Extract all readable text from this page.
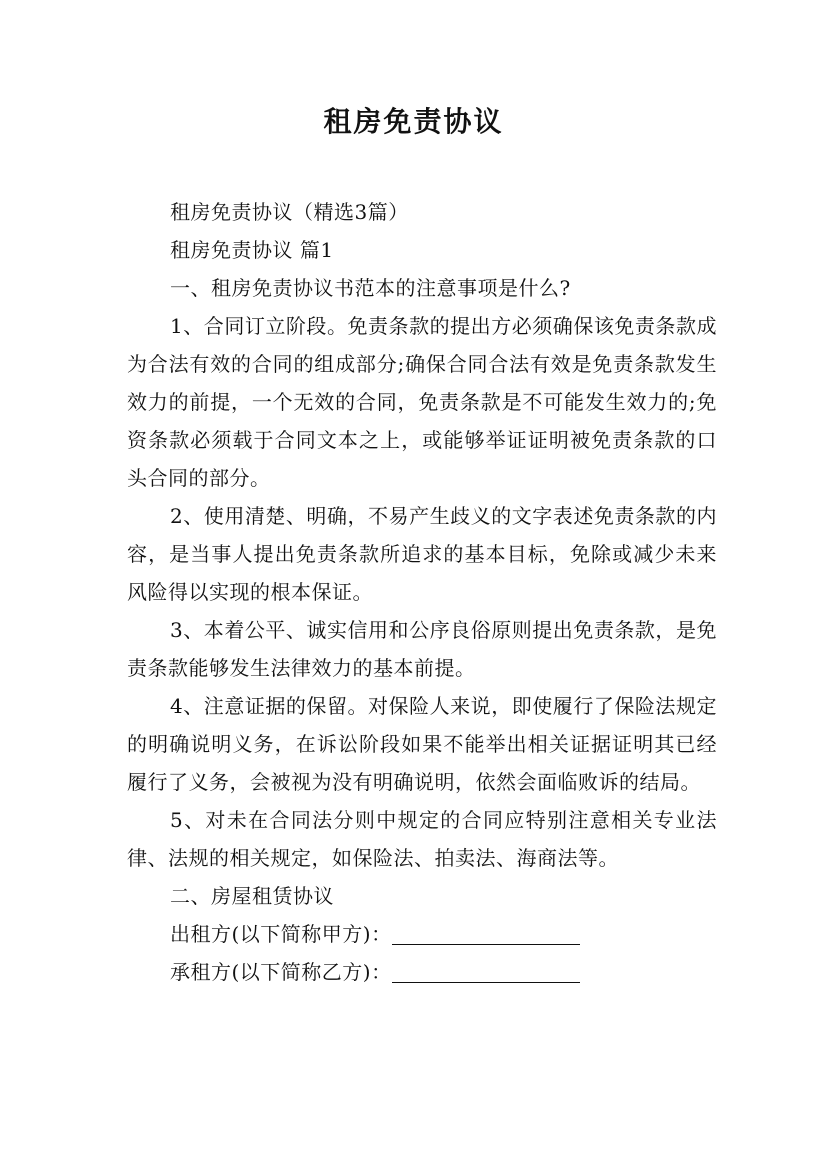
租房免责协议

租房免责协议（精选3篇）

租房免责协议 篇1

一、租房免责协议书范本的注意事项是什么?

1、合同订立阶段。免责条款的提出方必须确保该免责条款成为合法有效的合同的组成部分;确保合同合法有效是免责条款发生效力的前提，一个无效的合同，免责条款是不可能发生效力的;免资条款必须载于合同文本之上，或能够举证证明被免责条款的口头合同的部分。

2、使用清楚、明确，不易产生歧义的文字表述免责条款的内容，是当事人提出免责条款所追求的基本目标，免除或减少未来风险得以实现的根本保证。

3、本着公平、诚实信用和公序良俗原则提出免责条款，是免责条款能够发生法律效力的基本前提。

4、注意证据的保留。对保险人来说，即使履行了保险法规定的明确说明义务，在诉讼阶段如果不能举出相关证据证明其已经履行了义务，会被视为没有明确说明，依然会面临败诉的结局。

5、对未在合同法分则中规定的合同应特别注意相关专业法律、法规的相关规定，如保险法、拍卖法、海商法等。

二、房屋租赁协议

出租方(以下简称甲方)：

承租方(以下简称乙方)：
